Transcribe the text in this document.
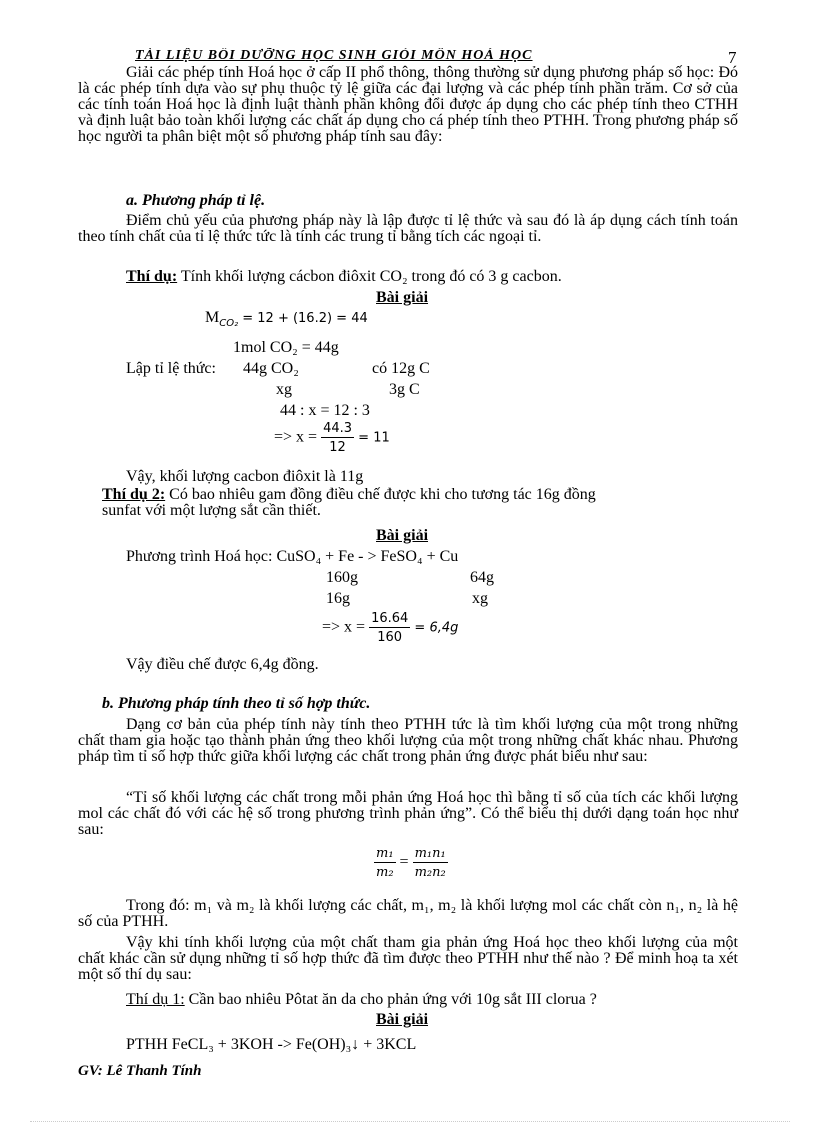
TÀI LIỆU BỒI DƯỠNG HỌC SINH GIỎI MÔN HOÁ HỌC	7
Giải các phép tính Hoá học ở cấp II phổ thông, thông thường sử dụng phương pháp số học: Đó là các phép tính dựa vào sự phụ thuộc tỷ lệ giữa các đại lượng và các phép tính phần trăm. Cơ sở của các tính toán Hoá học là định luật thành phần không đổi được áp dụng cho các phép tính theo CTHH và định luật bảo toàn khối lượng các chất áp dụng cho cá phép tính theo PTHH. Trong phương pháp số học người ta phân biệt một số phương pháp tính sau đây:
a. Phương pháp tỉ lệ.
Điểm chủ yếu của phương pháp này là lập được tỉ lệ thức và sau đó là áp dụng cách tính toán theo tính chất của tỉ lệ thức tức là tính các trung tỉ bằng tích các ngoại tỉ.
Thí dụ: Tính khối lượng cácbon điôxit CO₂ trong đó có 3 g cacbon.
Bài giải
$M_{CO_2} = 12 + (16.2) = 44$
1mol CO₂ = 44g
Lập tỉ lệ thức: 44g CO₂	có 12g C
xg	3g C
44 : x = 12 : 3
=> $x = \frac{44.3}{12} = 11$
Vậy, khối lượng cacbon điôxit là 11g
Thí dụ 2: Có bao nhiêu gam đồng điều chế được khi cho tương tác 16g đồng
sunfat với một lượng sắt cần thiết.
Bài giải
Phương trình Hoá học: CuSO₄ + Fe - > FeSO₄ + Cu
160g	64g
16g	xg
=> $x = \frac{16.64}{160} = 6,4g$
Vậy điều chế được 6,4g đồng.
b. Phương pháp tính theo tỉ số hợp thức.
Dạng cơ bản của phép tính này tính theo PTHH tức là tìm khối lượng của một trong những chất tham gia hoặc tạo thành phản ứng theo khối lượng của một trong những chất khác nhau. Phương pháp tìm tỉ số hợp thức giữa khối lượng các chất trong phản ứng được phát biểu như sau:
“Tỉ số khối lượng các chất trong mỗi phản ứng Hoá học thì bằng tỉ số của tích các khối lượng mol các chất đó với các hệ số trong phương trình phản ứng”. Có thể biểu thị dưới dạng toán học như sau:
$\frac{\text{m₁}}{\text{m₂}} = \frac{\text{m₁n₁}}{\text{m₂n₂}}$
Trong đó: m₁ và m₂ là khối lượng các chất, m₁, m₂ là khối lượng mol các chất còn n₁, n₂ là hệ số của PTHH.
Vậy khi tính khối lượng của một chất tham gia phản ứng Hoá học theo khối lượng của một chất khác cần sử dụng những tỉ số hợp thức đã tìm được theo PTHH như thế nào ? Để minh hoạ ta xét một số thí dụ sau:
Thí dụ 1: Cần bao nhiêu Pôtat ăn da cho phản ứng với 10g sắt III clorua ?
Bài giải
PTHH FeCL₃ + 3KOH -> Fe(OH)₃↓ + 3KCL
GV: Lê Thanh Tính
